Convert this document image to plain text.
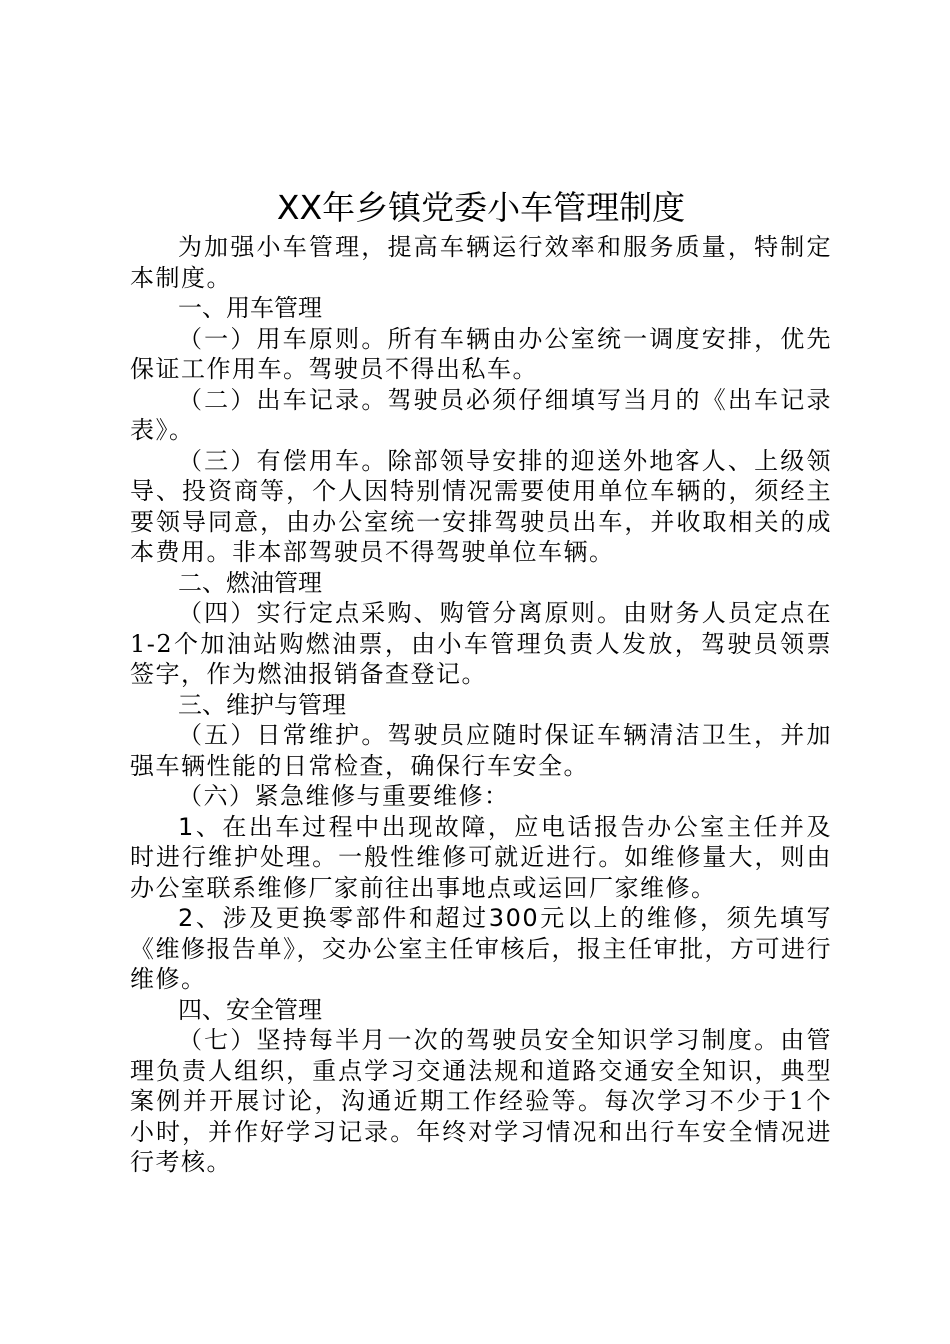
XX年乡镇党委小车管理制度

为加强小车管理，提高车辆运行效率和服务质量，特制定本制度。

一、用车管理

（一）用车原则。所有车辆由办公室统一调度安排，优先保证工作用车。驾驶员不得出私车。

（二）出车记录。驾驶员必须仔细填写当月的《出车记录表》。

（三）有偿用车。除部领导安排的迎送外地客人、上级领导、投资商等，个人因特别情况需要使用单位车辆的，须经主要领导同意，由办公室统一安排驾驶员出车，并收取相关的成本费用。非本部驾驶员不得驾驶单位车辆。

二、燃油管理

（四）实行定点采购、购管分离原则。由财务人员定点在1-2个加油站购燃油票，由小车管理负责人发放，驾驶员领票签字，作为燃油报销备查登记。

三、维护与管理

（五）日常维护。驾驶员应随时保证车辆清洁卫生，并加强车辆性能的日常检查，确保行车安全。

（六）紧急维修与重要维修：

1、在出车过程中出现故障，应电话报告办公室主任并及时进行维护处理。一般性维修可就近进行。如维修量大，则由办公室联系维修厂家前往出事地点或运回厂家维修。

2、涉及更换零部件和超过300元以上的维修，须先填写《维修报告单》，交办公室主任审核后，报主任审批，方可进行维修。

四、安全管理

（七）坚持每半月一次的驾驶员安全知识学习制度。由管理负责人组织，重点学习交通法规和道路交通安全知识，典型案例并开展讨论，沟通近期工作经验等。每次学习不少于1个小时，并作好学习记录。年终对学习情况和出行车安全情况进行考核。
